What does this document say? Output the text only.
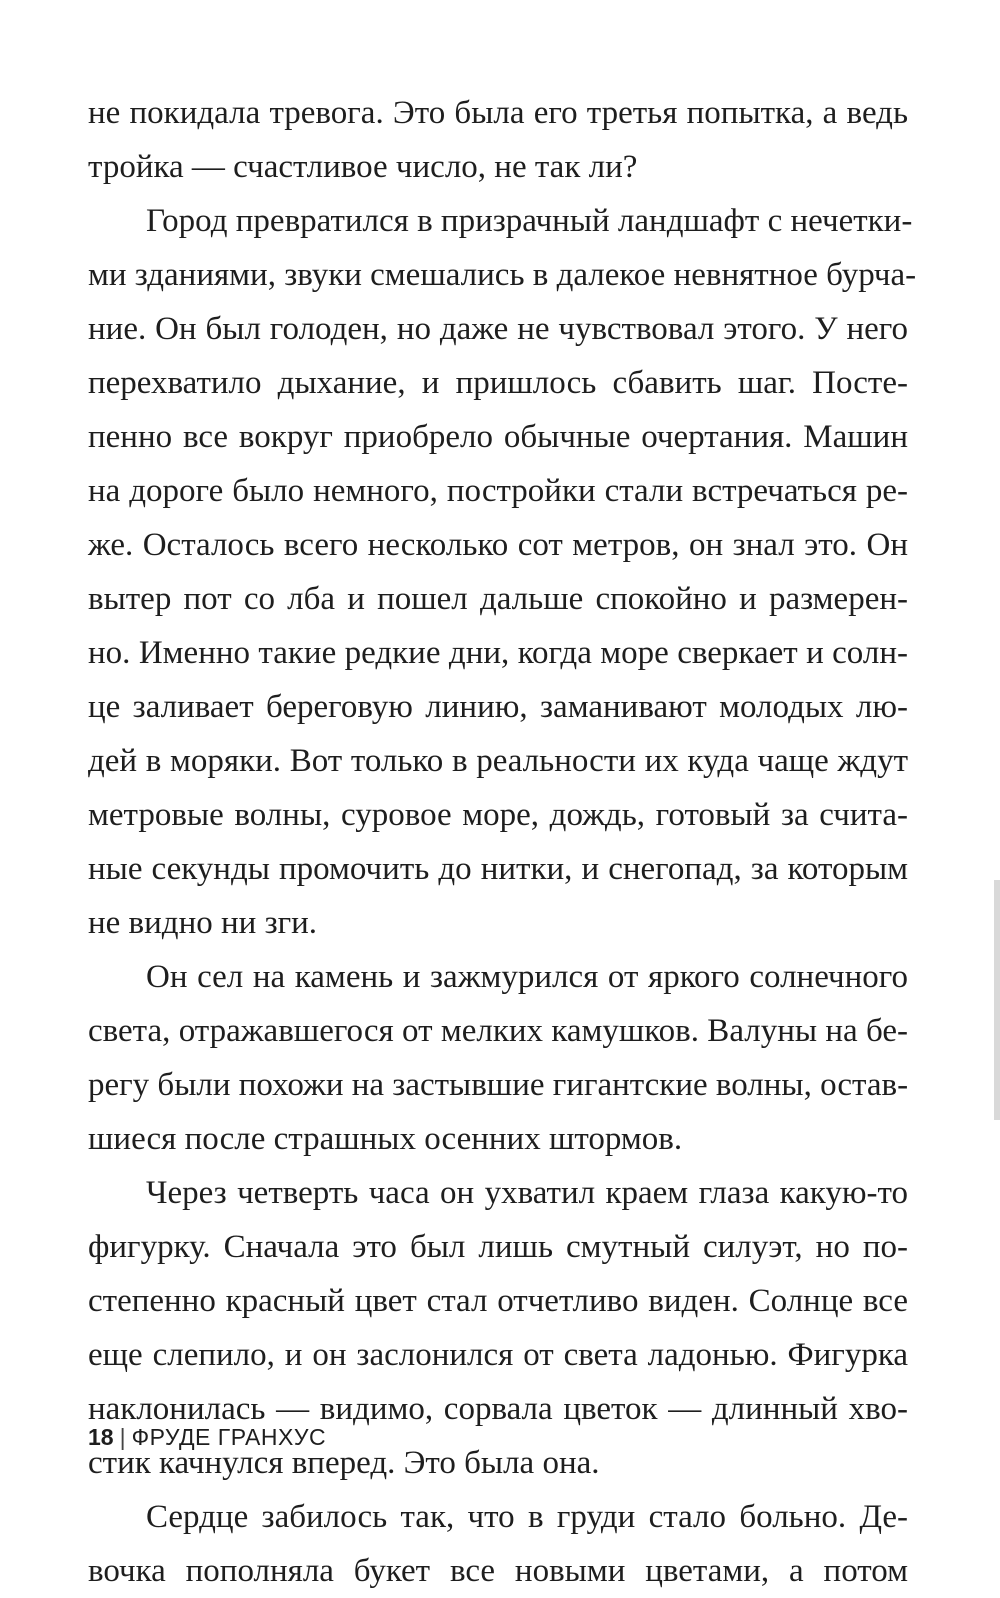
не покидала тревога. Это была его третья попытка, а ведь
тройка — счастливое число, не так ли?
Город превратился в призрачный ландшафт с нечетки-
ми зданиями, звуки смешались в далекое невнятное бурча-
ние. Он был голоден, но даже не чувствовал этого. У него
перехватило дыхание, и пришлось сбавить шаг. Посте-
пенно все вокруг приобрело обычные очертания. Машин
на дороге было немного, постройки стали встречаться ре-
же. Осталось всего несколько сот метров, он знал это. Он
вытер пот со лба и пошел дальше спокойно и размерен-
но. Именно такие редкие дни, когда море сверкает и солн-
це заливает береговую линию, заманивают молодых лю-
дей в моряки. Вот только в реальности их куда чаще ждут
метровые волны, суровое море, дождь, готовый за счита-
ные секунды промочить до нитки, и снегопад, за которым
не видно ни зги.
Он сел на камень и зажмурился от яркого солнечного
света, отражавшегося от мелких камушков. Валуны на бе-
регу были похожи на застывшие гигантские волны, остав-
шиеся после страшных осенних штормов.
Через четверть часа он ухватил краем глаза какую-то
фигурку. Сначала это был лишь смутный силуэт, но по-
степенно красный цвет стал отчетливо виден. Солнце все
еще слепило, и он заслонился от света ладонью. Фигурка
наклонилась — видимо, сорвала цветок — длинный хво-
стик качнулся вперед. Это была она.
Сердце забилось так, что в груди стало больно. Де-
вочка пополняла букет все новыми цветами, а потом
18 | ФРУДЕ ГРАНХУС
